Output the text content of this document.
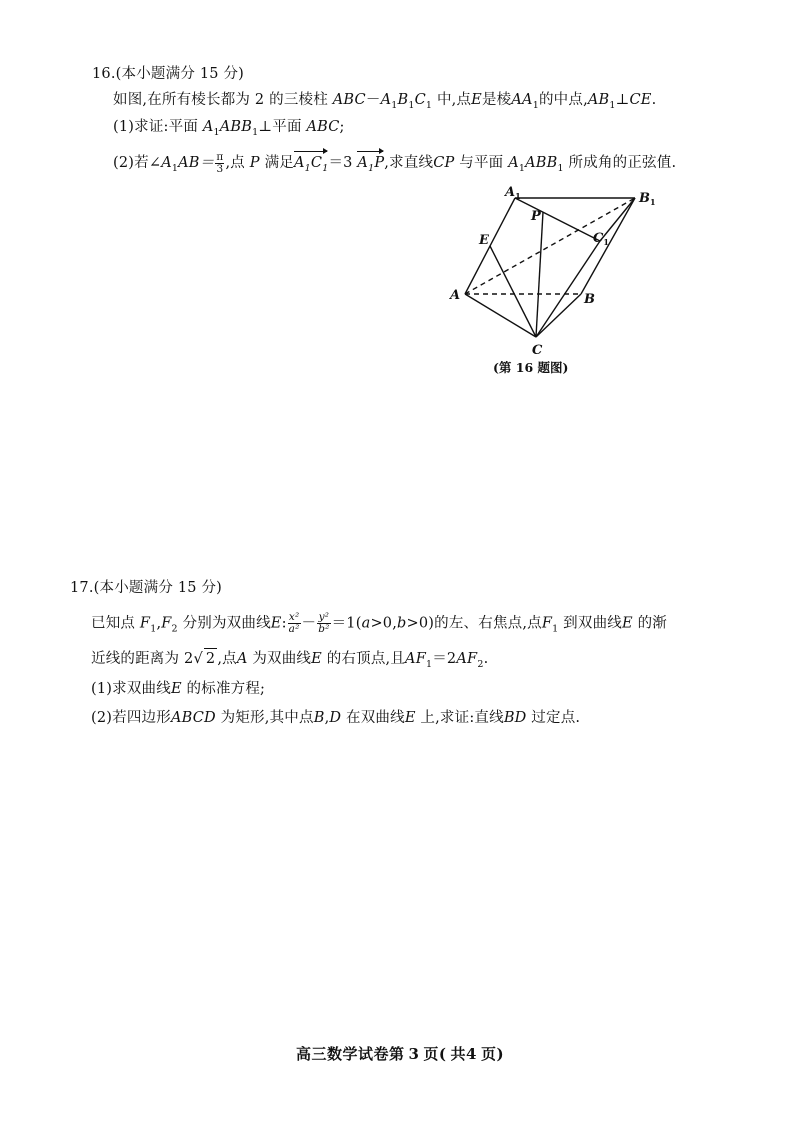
16.(本小题满分 15 分)
如图,在所有棱长都为 2 的三棱柱 $ABC-A_1B_1C_1$ 中,点E是棱$AA_1$的中点$,AB_1\perp CE$.
(1)求证:平面 $A_1ABB_1\perp$平面 ABC;
(2)若$\angle A_1AB= \frac{\pi}{3}$ ,点 P 满足$A_1C_1=3$ $A_1P$,求直线CP 与平面 $A_1ABB_1$ 所成角的正弦值.
$A_1$	$B_1$
$C_1$
P
E
A	B
C
(第 16 题图)
17.(本小题满分 15 分)
已知点 $F_1,F_2$ 分别为双曲线E: $\frac{\text{x²}}{\text{a²}} - \frac{\text{y²}}{\text{b²}} =1(a>0,b>0)$的左、右焦点,点$F_1$ 到双曲线E 的渐
近线的距离为 2√ 2 ,点A 为双曲线E 的右顶点,且$AF_1=2AF_2$.
(1)求双曲线E 的标准方程;
(2)若四边形ABCD 为矩形,其中点B,D 在双曲线E 上,求证:直线BD 过定点.
高三数学试卷第 3 页( 共4 页)
